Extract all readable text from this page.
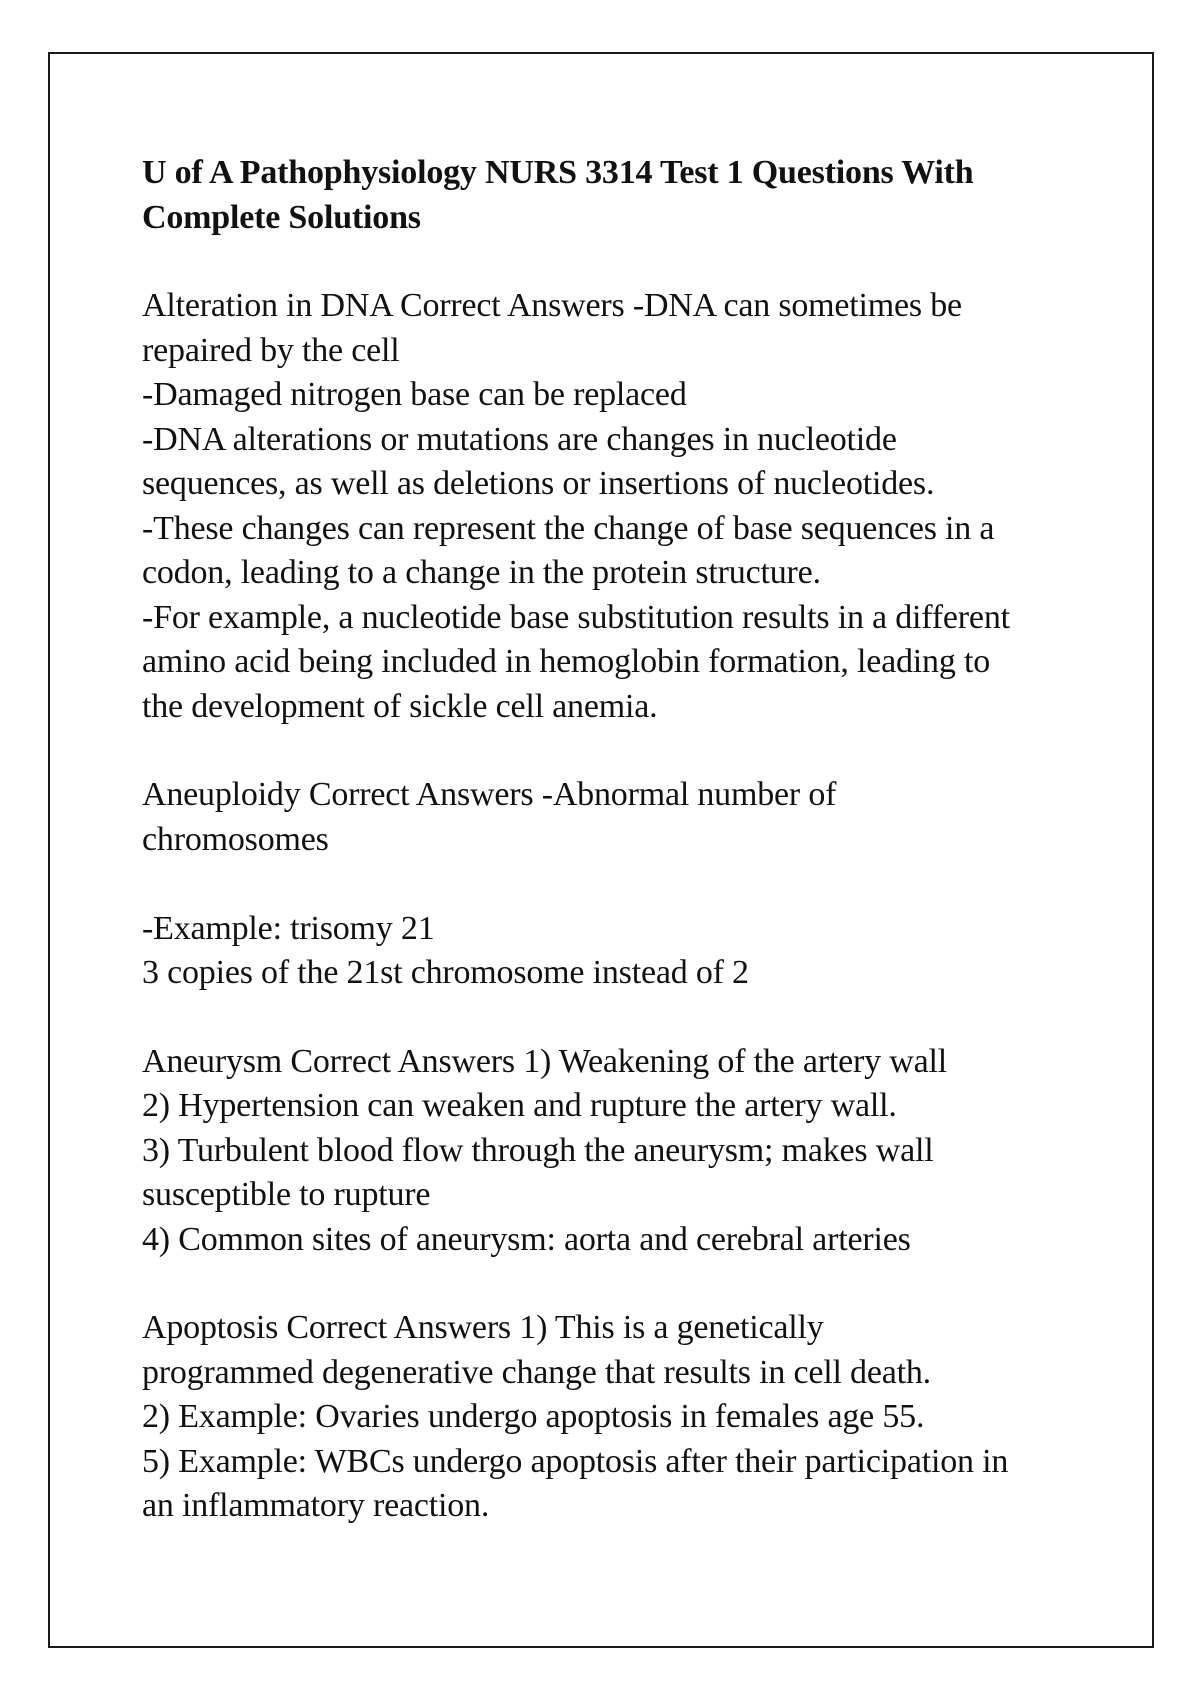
U of A Pathophysiology NURS 3314 Test 1 Questions With
Complete Solutions
Alteration in DNA Correct Answers -DNA can sometimes be
repaired by the cell
-Damaged nitrogen base can be replaced
-DNA alterations or mutations are changes in nucleotide
sequences, as well as deletions or insertions of nucleotides.
-These changes can represent the change of base sequences in a
codon, leading to a change in the protein structure.
-For example, a nucleotide base substitution results in a different
amino acid being included in hemoglobin formation, leading to
the development of sickle cell anemia.
Aneuploidy Correct Answers -Abnormal number of
chromosomes
-Example: trisomy 21
3 copies of the 21st chromosome instead of 2
Aneurysm Correct Answers 1) Weakening of the artery wall
2) Hypertension can weaken and rupture the artery wall.
3) Turbulent blood flow through the aneurysm; makes wall
susceptible to rupture
4) Common sites of aneurysm: aorta and cerebral arteries
Apoptosis Correct Answers 1) This is a genetically
programmed degenerative change that results in cell death.
2) Example: Ovaries undergo apoptosis in females age 55.
5) Example: WBCs undergo apoptosis after their participation in
an inflammatory reaction.
